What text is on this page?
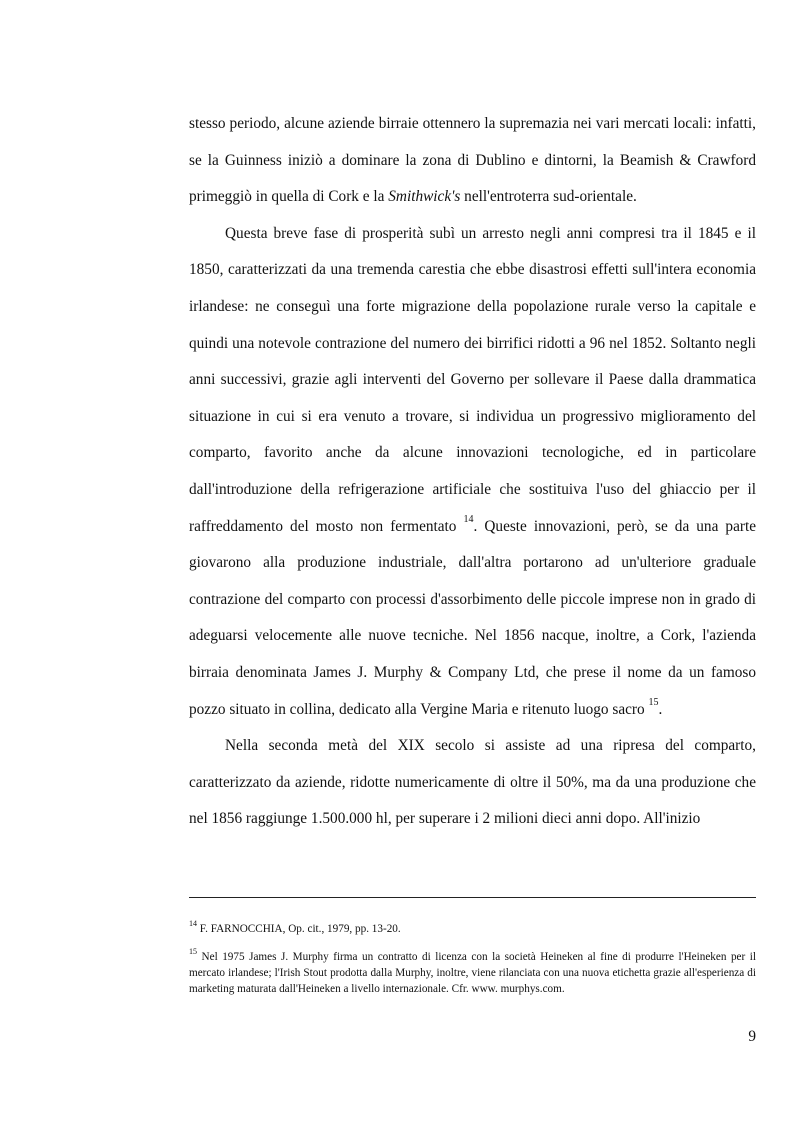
stesso periodo, alcune aziende birraie ottennero la supremazia nei vari mercati locali: infatti, se la Guinness iniziò a dominare la zona di Dublino e dintorni, la Beamish & Crawford primeggiò in quella di Cork e la Smithwick's nell'entroterra sud-orientale.

Questa breve fase di prosperità subì un arresto negli anni compresi tra il 1845 e il 1850, caratterizzati da una tremenda carestia che ebbe disastrosi effetti sull'intera economia irlandese: ne conseguì una forte migrazione della popolazione rurale verso la capitale e quindi una notevole contrazione del numero dei birrifici ridotti a 96 nel 1852. Soltanto negli anni successivi, grazie agli interventi del Governo per sollevare il Paese dalla drammatica situazione in cui si era venuto a trovare, si individua un progressivo miglioramento del comparto, favorito anche da alcune innovazioni tecnologiche, ed in particolare dall'introduzione della refrigerazione artificiale che sostituiva l'uso del ghiaccio per il raffreddamento del mosto non fermentato $^{14}$. Queste innovazioni, però, se da una parte giovarono alla produzione industriale, dall'altra portarono ad un'ulteriore graduale contrazione del comparto con processi d'assorbimento delle piccole imprese non in grado di adeguarsi velocemente alle nuove tecniche. Nel 1856 nacque, inoltre, a Cork, l'azienda birraia denominata James J. Murphy & Company Ltd, che prese il nome da un famoso pozzo situato in collina, dedicato alla Vergine Maria e ritenuto luogo sacro $^{15}$.

Nella seconda metà del XIX secolo si assiste ad una ripresa del comparto, caratterizzato da aziende, ridotte numericamente di oltre il 50%, ma da una produzione che nel 1856 raggiunge 1.500.000 hl, per superare i 2 milioni dieci anni dopo. All'inizio

$^{14}$ F. FARNOCCHIA, Op. cit., 1979, pp. 13-20.

$^{15}$ Nel 1975 James J. Murphy firma un contratto di licenza con la società Heineken al fine di produrre l'Heineken per il mercato irlandese; l'Irish Stout prodotta dalla Murphy, inoltre, viene rilanciata con una nuova etichetta grazie all'esperienza di marketing maturata dall'Heineken a livello internazionale. Cfr. www. murphys.com.

9
